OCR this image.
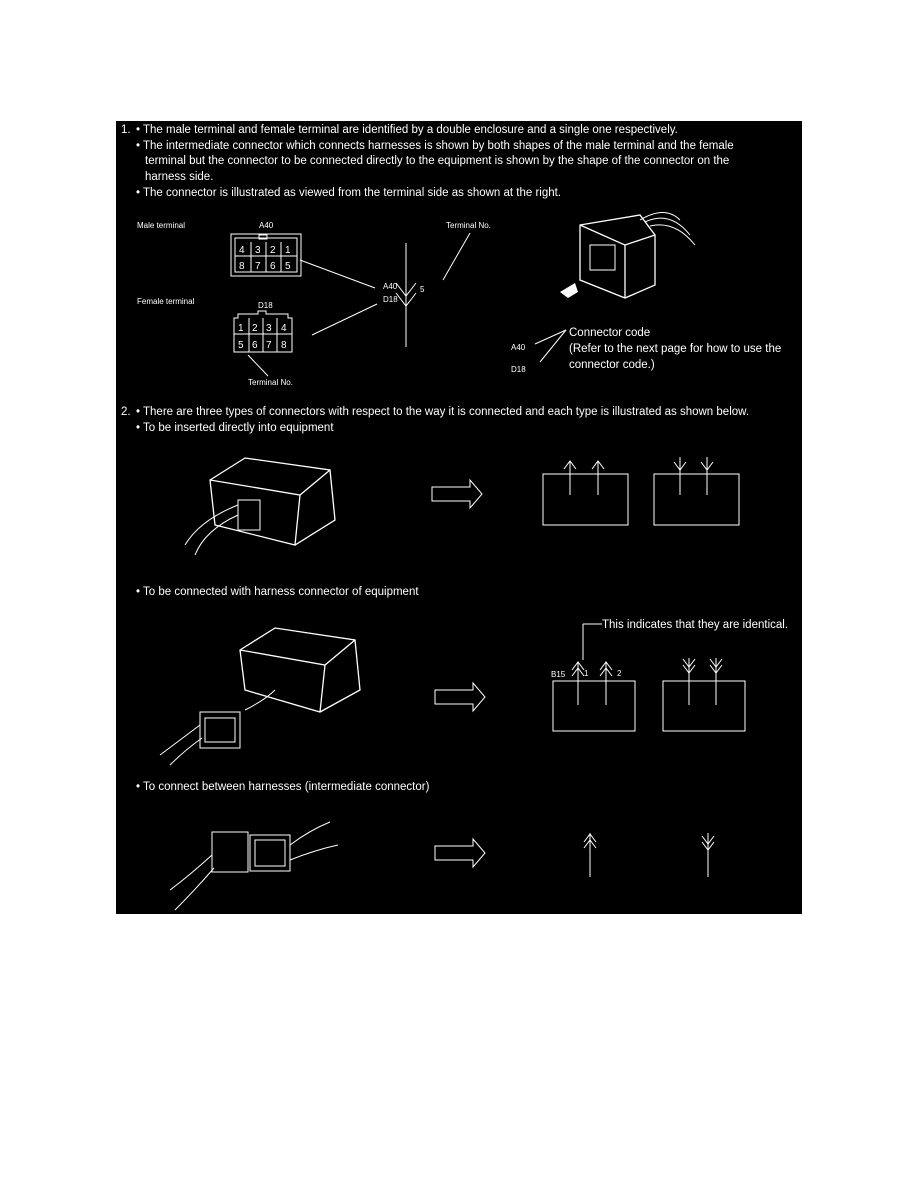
1. • The male terminal and female terminal are identified by a double enclosure and a single one respectively.
• The intermediate connector which connects harnesses is shown by both shapes of the male terminal and the female
terminal but the connector to be connected directly to the equipment is shown by the shape of the connector on the
harness side.
• The connector is illustrated as viewed from the terminal side as shown at the right.
Male terminal	A40
4 3 2 1
8 7 6 5
Female terminal	D18
1 2 3 4
5 6 7 8
Terminal No.
A40
D18
5
Terminal No.
A40
D18
Connector code
(Refer to the next page for how to use the
connector code.)
2. • There are three types of connectors with respect to the way it is connected and each type is illustrated as shown below.
• To be inserted directly into equipment
• To be connected with harness connector of equipment
This indicates that they are identical.
B15 1	2
• To connect between harnesses (intermediate connector)
